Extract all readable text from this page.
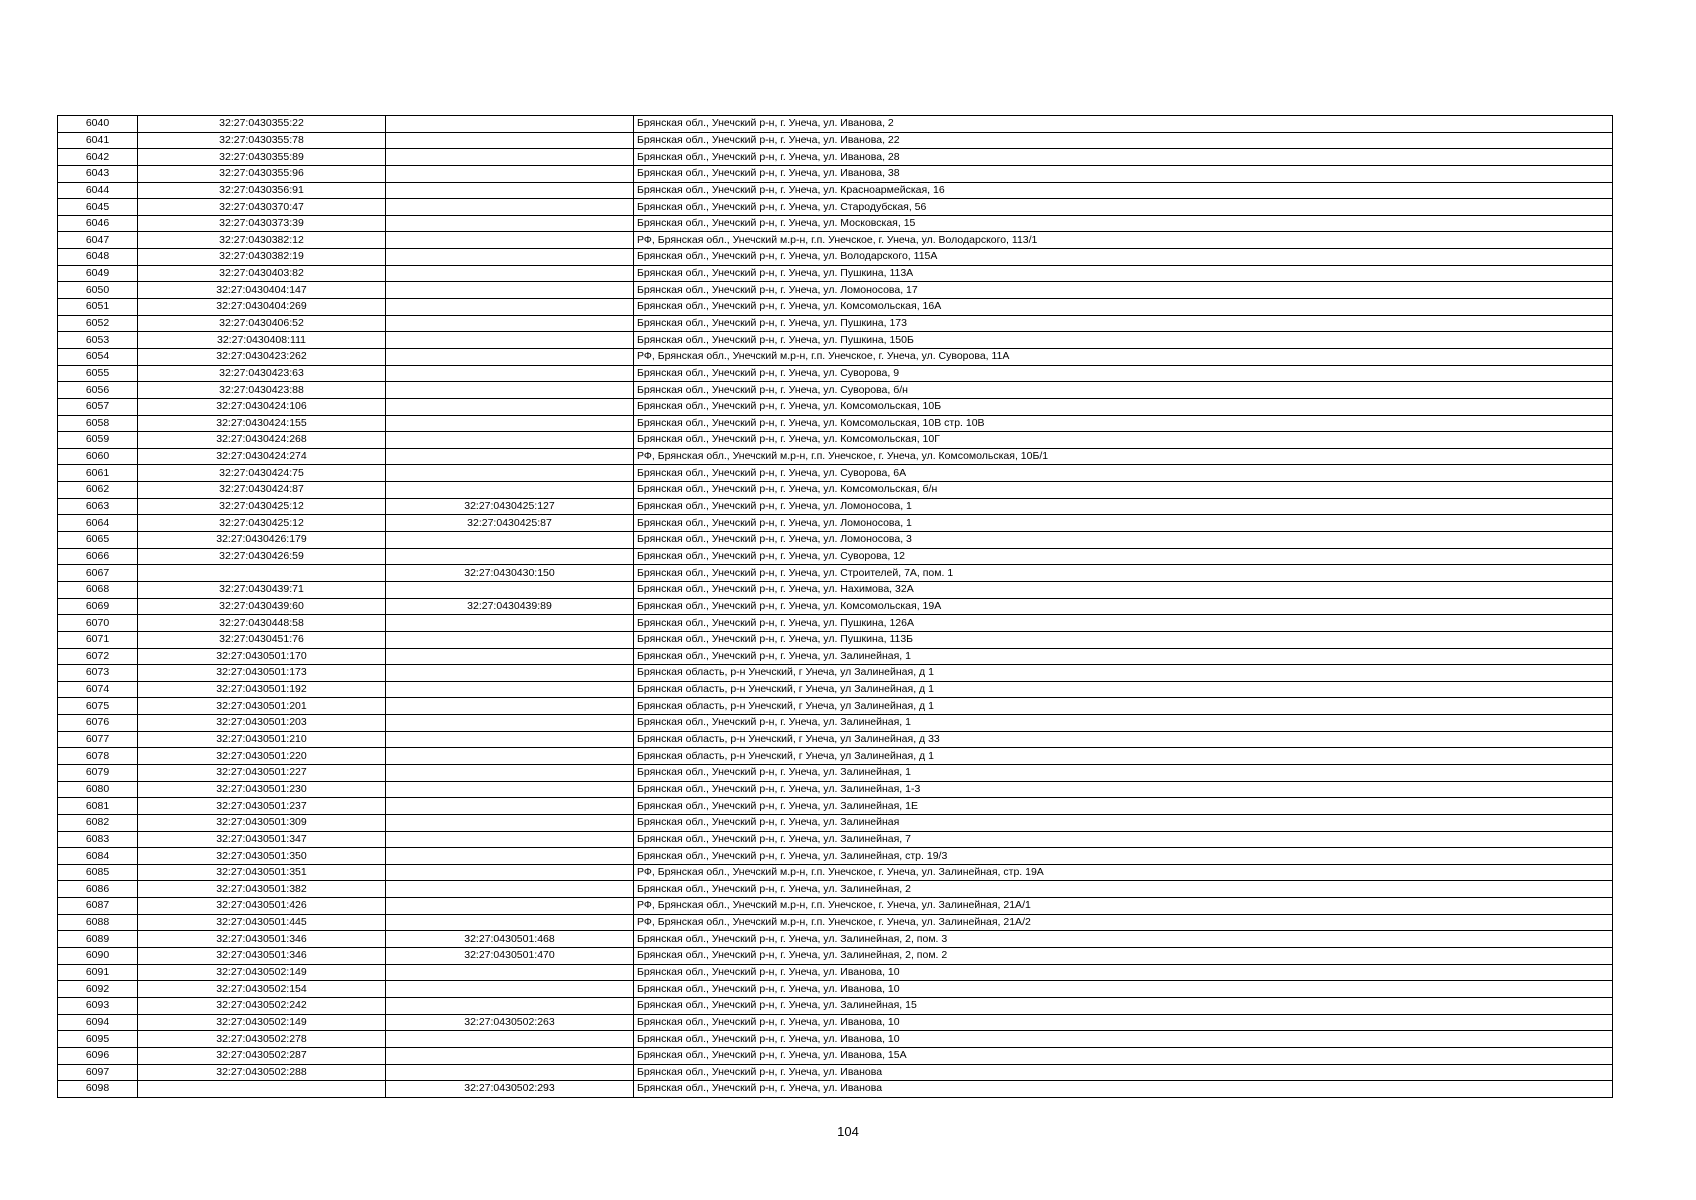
6040	32:27:0430355:22		Брянская обл., Унечский р-н, г. Унеча, ул. Иванова, 2
6041	32:27:0430355:78		Брянская обл., Унечский р-н, г. Унеча, ул. Иванова, 22
6042	32:27:0430355:89		Брянская обл., Унечский р-н, г. Унеча, ул. Иванова, 28
6043	32:27:0430355:96		Брянская обл., Унечский р-н, г. Унеча, ул. Иванова, 38
6044	32:27:0430356:91		Брянская обл., Унечский р-н, г. Унеча, ул. Красноармейская, 16
6045	32:27:0430370:47		Брянская обл., Унечский р-н, г. Унеча, ул. Стародубская, 56
6046	32:27:0430373:39		Брянская обл., Унечский р-н, г. Унеча, ул. Московская, 15
6047	32:27:0430382:12		РФ, Брянская обл., Унечский м.р-н, г.п. Унечское, г. Унеча, ул. Володарского, 113/1
6048	32:27:0430382:19		Брянская обл., Унечский р-н, г. Унеча, ул. Володарского, 115А
6049	32:27:0430403:82		Брянская обл., Унечский р-н, г. Унеча, ул. Пушкина, 113А
6050	32:27:0430404:147		Брянская обл., Унечский р-н, г. Унеча, ул. Ломоносова, 17
6051	32:27:0430404:269		Брянская обл., Унечский р-н, г. Унеча, ул. Комсомольская, 16А
6052	32:27:0430406:52		Брянская обл., Унечский р-н, г. Унеча, ул. Пушкина, 173
6053	32:27:0430408:111		Брянская обл., Унечский р-н, г. Унеча, ул. Пушкина, 150Б
6054	32:27:0430423:262		РФ, Брянская обл., Унечский м.р-н, г.п. Унечское, г. Унеча, ул. Суворова, 11А
6055	32:27:0430423:63		Брянская обл., Унечский р-н, г. Унеча, ул. Суворова, 9
6056	32:27:0430423:88		Брянская обл., Унечский р-н, г. Унеча, ул. Суворова, б/н
6057	32:27:0430424:106		Брянская обл., Унечский р-н, г. Унеча, ул. Комсомольская, 10Б
6058	32:27:0430424:155		Брянская обл., Унечский р-н, г. Унеча, ул. Комсомольская, 10В стр. 10В
6059	32:27:0430424:268		Брянская обл., Унечский р-н, г. Унеча, ул. Комсомольская, 10Г
6060	32:27:0430424:274		РФ, Брянская обл., Унечский м.р-н, г.п. Унечское, г. Унеча, ул. Комсомольская, 10Б/1
6061	32:27:0430424:75		Брянская обл., Унечский р-н, г. Унеча, ул. Суворова, 6А
6062	32:27:0430424:87		Брянская обл., Унечский р-н, г. Унеча, ул. Комсомольская, б/н
6063	32:27:0430425:12	32:27:0430425:127	Брянская обл., Унечский р-н, г. Унеча, ул. Ломоносова, 1
6064	32:27:0430425:12	32:27:0430425:87	Брянская обл., Унечский р-н, г. Унеча, ул. Ломоносова, 1
6065	32:27:0430426:179		Брянская обл., Унечский р-н, г. Унеча, ул. Ломоносова, 3
6066	32:27:0430426:59		Брянская обл., Унечский р-н, г. Унеча, ул. Суворова, 12
6067		32:27:0430430:150	Брянская обл., Унечский р-н, г. Унеча, ул. Строителей, 7А, пом. 1
6068	32:27:0430439:71		Брянская обл., Унечский р-н, г. Унеча, ул. Нахимова, 32А
6069	32:27:0430439:60	32:27:0430439:89	Брянская обл., Унечский р-н, г. Унеча, ул. Комсомольская, 19А
6070	32:27:0430448:58		Брянская обл., Унечский р-н, г. Унеча, ул. Пушкина, 126А
6071	32:27:0430451:76		Брянская обл., Унечский р-н, г. Унеча, ул. Пушкина, 113Б
6072	32:27:0430501:170		Брянская обл., Унечский р-н, г. Унеча, ул. Залинейная, 1
6073	32:27:0430501:173		Брянская область, р-н Унечский, г Унеча, ул Залинейная, д 1
6074	32:27:0430501:192		Брянская область, р-н Унечский, г Унеча, ул Залинейная, д 1
6075	32:27:0430501:201		Брянская область, р-н Унечский, г Унеча, ул Залинейная, д 1
6076	32:27:0430501:203		Брянская обл., Унечский р-н, г. Унеча, ул. Залинейная, 1
6077	32:27:0430501:210		Брянская область, р-н Унечский, г Унеча, ул Залинейная, д 33
6078	32:27:0430501:220		Брянская область, р-н Унечский, г Унеча, ул Залинейная, д 1
6079	32:27:0430501:227		Брянская обл., Унечский р-н, г. Унеча, ул. Залинейная, 1
6080	32:27:0430501:230		Брянская обл., Унечский р-н, г. Унеча, ул. Залинейная, 1-3
6081	32:27:0430501:237		Брянская обл., Унечский р-н, г. Унеча, ул. Залинейная, 1Е
6082	32:27:0430501:309		Брянская обл., Унечский р-н, г. Унеча, ул. Залинейная
6083	32:27:0430501:347		Брянская обл., Унечский р-н, г. Унеча, ул. Залинейная, 7
6084	32:27:0430501:350		Брянская обл., Унечский р-н, г. Унеча, ул. Залинейная, стр. 19/3
6085	32:27:0430501:351		РФ, Брянская обл., Унечский м.р-н, г.п. Унечское, г. Унеча, ул. Залинейная, стр. 19А
6086	32:27:0430501:382		Брянская обл., Унечский р-н, г. Унеча, ул. Залинейная, 2
6087	32:27:0430501:426		РФ, Брянская обл., Унечский м.р-н, г.п. Унечское, г. Унеча, ул. Залинейная, 21А/1
6088	32:27:0430501:445		РФ, Брянская обл., Унечский м.р-н, г.п. Унечское, г. Унеча, ул. Залинейная, 21А/2
6089	32:27:0430501:346	32:27:0430501:468	Брянская обл., Унечский р-н, г. Унеча, ул. Залинейная, 2, пом. 3
6090	32:27:0430501:346	32:27:0430501:470	Брянская обл., Унечский р-н, г. Унеча, ул. Залинейная, 2, пом. 2
6091	32:27:0430502:149		Брянская обл., Унечский р-н, г. Унеча, ул. Иванова, 10
6092	32:27:0430502:154		Брянская обл., Унечский р-н, г. Унеча, ул. Иванова, 10
6093	32:27:0430502:242		Брянская обл., Унечский р-н, г. Унеча, ул. Залинейная, 15
6094	32:27:0430502:149	32:27:0430502:263	Брянская обл., Унечский р-н, г. Унеча, ул. Иванова, 10
6095	32:27:0430502:278		Брянская обл., Унечский р-н, г. Унеча, ул. Иванова, 10
6096	32:27:0430502:287		Брянская обл., Унечский р-н, г. Унеча, ул. Иванова, 15А
6097	32:27:0430502:288		Брянская обл., Унечский р-н, г. Унеча, ул. Иванова
6098		32:27:0430502:293	Брянская обл., Унечский р-н, г. Унеча, ул. Иванова
104
